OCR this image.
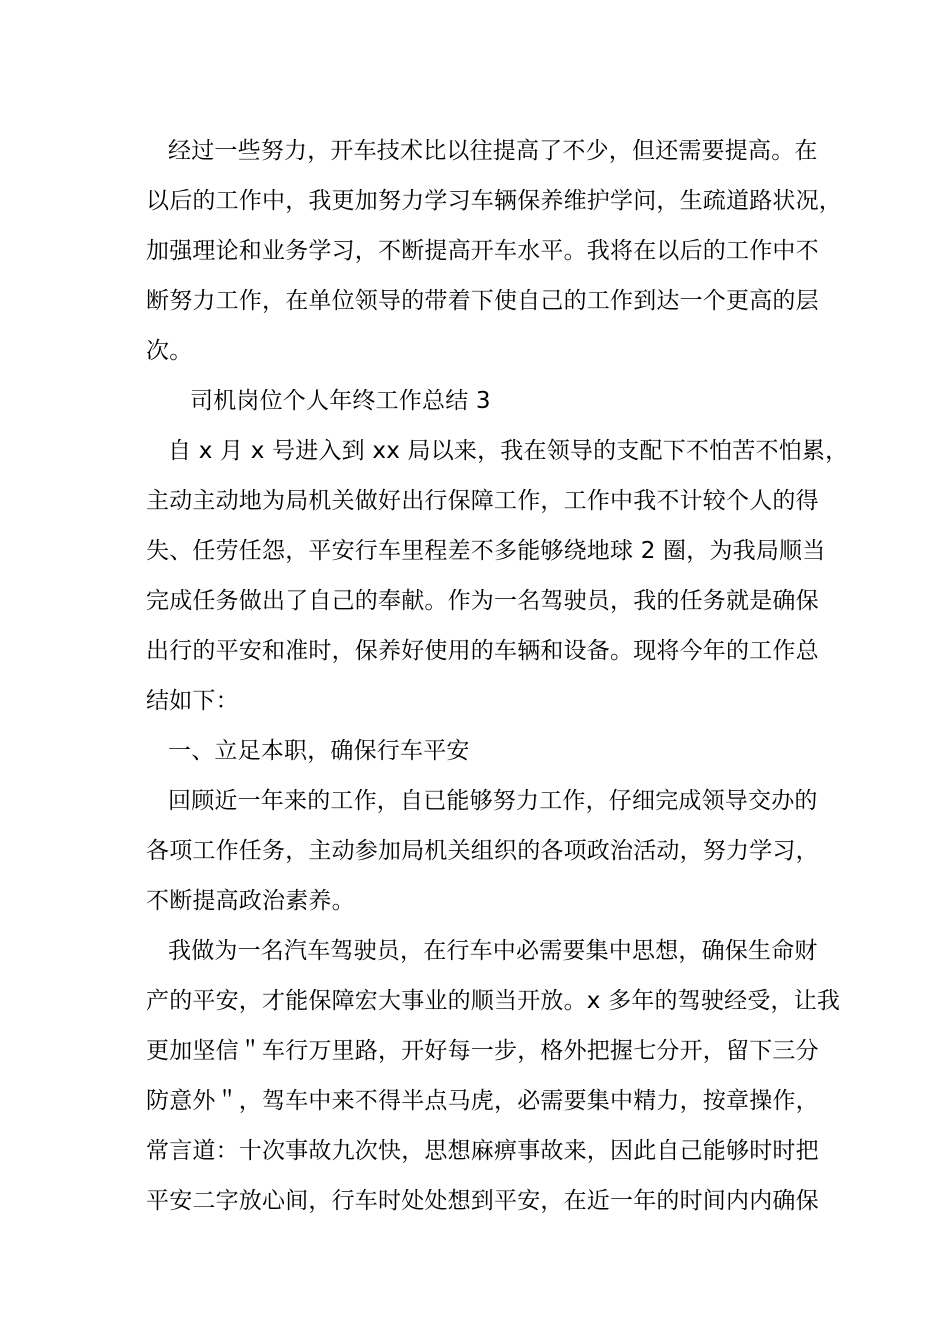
经过一些努力，开车技术比以往提高了不少，但还需要提高。在
以后的工作中，我更加努力学习车辆保养维护学问，生疏道路状况，
加强理论和业务学习，不断提高开车水平。我将在以后的工作中不
断努力工作，在单位领导的带着下使自己的工作到达一个更高的层
次。
司机岗位个人年终工作总结 3
自 x 月 x 号进入到 xx 局以来，我在领导的支配下不怕苦不怕累，
主动主动地为局机关做好出行保障工作，工作中我不计较个人的得
失、任劳任怨，平安行车里程差不多能够绕地球 2 圈，为我局顺当
完成任务做出了自己的奉献。作为一名驾驶员，我的任务就是确保
出行的平安和准时，保养好使用的车辆和设备。现将今年的工作总
结如下：
一、立足本职，确保行车平安
回顾近一年来的工作，自已能够努力工作，仔细完成领导交办的
各项工作任务，主动参加局机关组织的各项政治活动，努力学习，
不断提高政治素养。
我做为一名汽车驾驶员，在行车中必需要集中思想，确保生命财
产的平安，才能保障宏大事业的顺当开放。x 多年的驾驶经受，让我
更加坚信＂车行万里路，开好每一步，格外把握七分开，留下三分
防意外＂，驾车中来不得半点马虎，必需要集中精力，按章操作，
常言道：十次事故九次快，思想麻痹事故来，因此自己能够时时把
平安二字放心间，行车时处处想到平安，在近一年的时间内内确保
